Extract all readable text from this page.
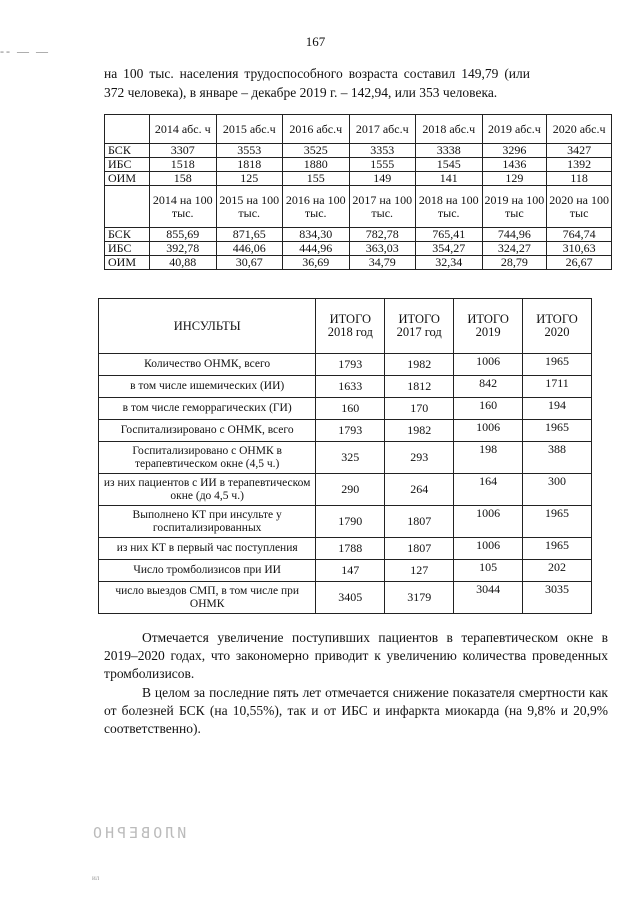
167
-- — —
на 100 тыс. населения трудоспособного возраста составил 149,79 (или 372 человека), в январе – декабре 2019 г. – 142,94, или 353 человека.
	2014 абс. ч	2015 абс.ч	2016 абс.ч	2017 абс.ч	2018 абс.ч	2019 абс.ч	2020 абс.ч
БСК	3307	3553	3525	3353	3338	3296	3427
ИБС	1518	1818	1880	1555	1545	1436	1392
ОИМ	158	125	155	149	141	129	118
	2014 на 100 тыс.	2015 на 100 тыс.	2016 на 100 тыс.	2017 на 100 тыс.	2018 на 100 тыс.	2019 на 100 тыс	2020 на 100 тыс
БСК	855,69	871,65	834,30	782,78	765,41	744,96	764,74
ИБС	392,78	446,06	444,96	363,03	354,27	324,27	310,63
ОИМ	40,88	30,67	36,69	34,79	32,34	28,79	26,67
ИНСУЛЬТЫ	ИТОГО 2018 год	ИТОГО 2017 год	ИТОГО 2019	ИТОГО 2020
Количество ОНМК, всего	1793	1982	1006	1965
в том числе ишемических (ИИ)	1633	1812	842	1711
в том числе геморрагических (ГИ)	160	170	160	194
Госпитализировано с ОНМК, всего	1793	1982	1006	1965
Госпитализировано с ОНМК в терапевтическом окне (4,5 ч.)	325	293	198	388
из них пациентов с ИИ в терапевтическом окне (до 4,5 ч.)	290	264	164	300
Выполнено КТ при инсульте у госпитализированных	1790	1807	1006	1965
из них КТ в первый час поступления	1788	1807	1006	1965
Число тромболизисов при ИИ	147	127	105	202
число выездов СМП, в том числе при ОНМК	3405	3179	3044	3035

Отмечается увеличение поступивших пациентов в терапевтическом окне в 2019–2020 годах, что закономерно приводит к увеличению количества проведенных тромболизисов.

В целом за последние пять лет отмечается снижение показателя смертности как от болезней БСК (на 10,55%), так и от ИБС и инфаркта миокарда (на 9,8% и 20,9% соответственно).

ИЛОВЕРНО
ил
